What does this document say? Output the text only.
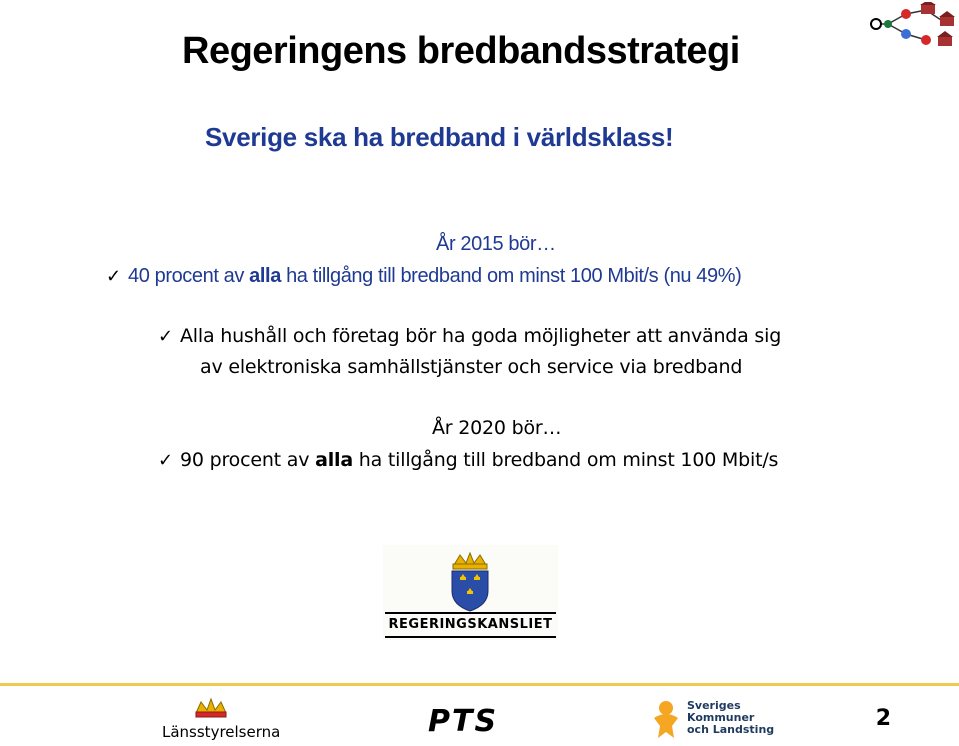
Regeringens bredbandsstrategi
Sverige ska ha bredband i världsklass!
År 2015 bör…
✓ 40 procent av alla ha tillgång till bredband om minst 100 Mbit/s (nu 49%)
✓ Alla hushåll och företag bör ha goda möjligheter att använda sig
av elektroniska samhällstjänster och service via bredband
År 2020 bör…
✓ 90 procent av alla ha tillgång till bredband om minst 100 Mbit/s
REGERINGSKANSLIET
Länsstyrelserna	PTS	Sveriges
Kommuner
och Landsting	2
